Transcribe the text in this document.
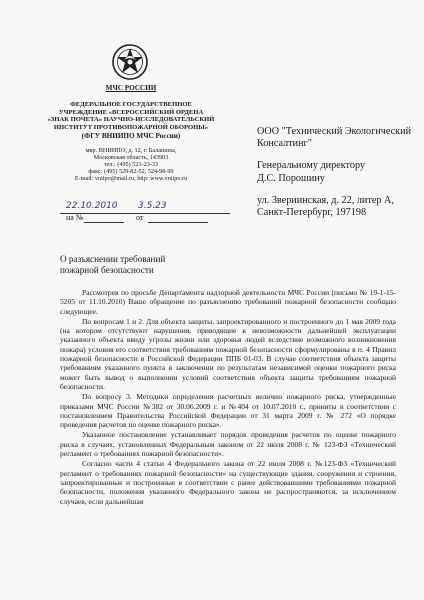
МЧС РОССИИ
ФЕДЕРАЛЬНОЕ ГОСУДАРСТВЕННОЕ
УЧРЕЖДЕНИЕ «ВСЕРОССИЙСКИЙ ОРДЕНА
«ЗНАК ПОЧЕТА» НАУЧНО-ИССЛЕДОВАТЕЛЬСКИЙ
ИНСТИТУТ ПРОТИВОПОЖАРНОЙ ОБОРОНЫ»
(ФГУ ВНИИПО МЧС России)
мкр. ВНИИПО, д. 12, г. Балашиха,
Московская область, 143903
тел.: (495) 521-23-33
факс: (495) 529-82-52, 524-98-99
E-mail: vniipo@mail.ru, http: www.vniipo.ru
22.10.2010 3.5.23
на №	от
ООО "Технический Экологический
Консалтинг"
Генеральному директору
Д.С. Порошину
ул. Звериинская, д. 22, литер А,
Санкт-Петербург, 197198
О разъяснении требований
пожарной безопасности

Рассмотрев по просьбе Департамента надзорной деятельности МЧС России (письмо № 19-1-15-5205 от 11.10.2010) Ваше обращение по разъяснению требований пожарной безопасности сообщаю следующее.

По вопросам 1 и 2. Для объекта защиты, запроектированного и построенного до 1 мая 2009 года (на котором отсутствуют нарушения, приводящие к невозможности дальнейшей эксплуатации указанного объекта ввиду угрозы жизни или здоровья людей вследствие возможного возникновения пожара) условия его соответствия требованиям пожарной безопасности сформулированы в п. 4 Правил пожарной безопасности в Российской Федерации ППБ 01-03. В случае соответствия объекта защиты требованиям указанного пункта в заключении по результатам независимой оценки пожарного риска может быть вывод о выполнении условий соответствия объекта защиты требованиям пожарной безопасности.

По вопросу 3. Методики определения расчетных величин пожарного риска, утвержденные приказами МЧС России №382 от 30.06.2009 г. и №404 от 10.07.2010 г., приняты в соответствии с постановлением Правительства Российской Федерации от 31 марта 2009 г. № 272 «О порядке проведения расчетов по оценке пожарного риска».

Указанное постановление устанавливает порядок проведения расчетов по оценке пожарного риска в случаях, установленных Федеральным законом от 22 июля 2008 г. № 123-ФЗ «Технический регламент о требованиях пожарной безопасности».

Согласно части 4 статьи 4 Федерального закона от 22 июля 2008 г. №123-ФЗ «Технический регламент о требованиях пожарной безопасности» на существующие здания, сооружения и строения, запроектированные и построенные в соответствии с ранее действовавшими требованиями пожарной безопасности, положения указанного Федерального закона не распространяются, за исключением случаев, если дальнейшая
